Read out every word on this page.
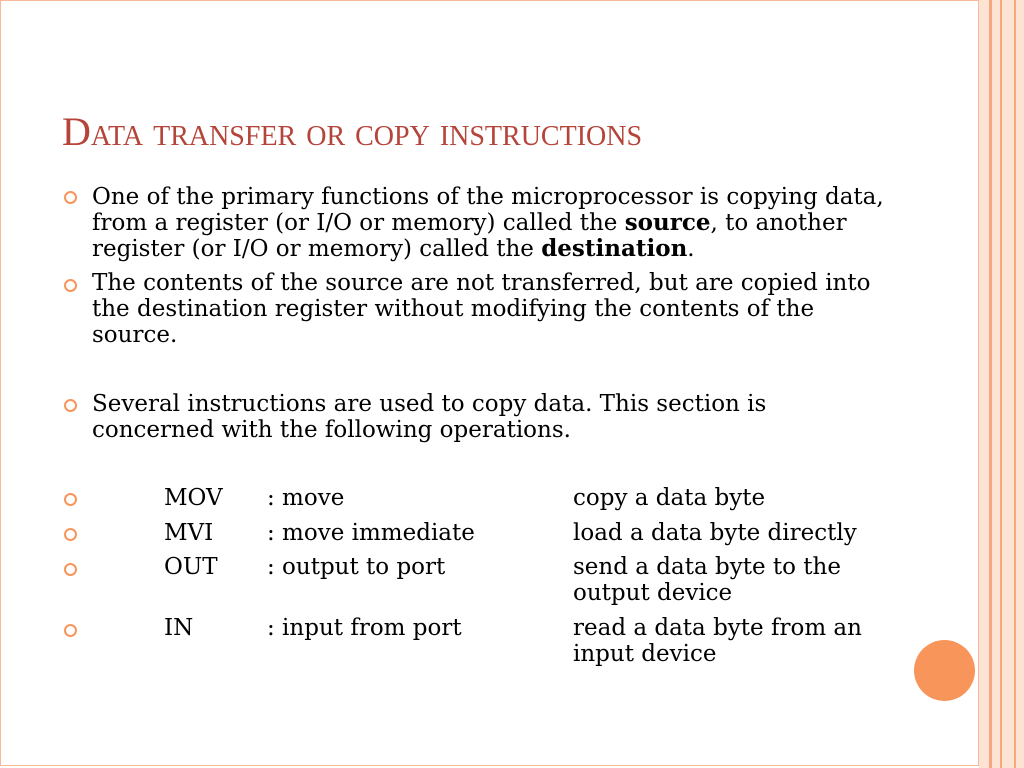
Data transfer or copy instructions

One of the primary functions of the microprocessor is copying data, from a register (or I/O or memory) called the source, to another register (or I/O or memory) called the destination.

The contents of the source are not transferred, but are copied into the destination register without modifying the contents of the source.

Several instructions are used to copy data. This section is concerned with the following operations.

MOV : move	copy a data byte
MVI : move immediate	load a data byte directly
OUT : output to port	send a data byte to the output device
IN	: input from port	read a data byte from an input device
